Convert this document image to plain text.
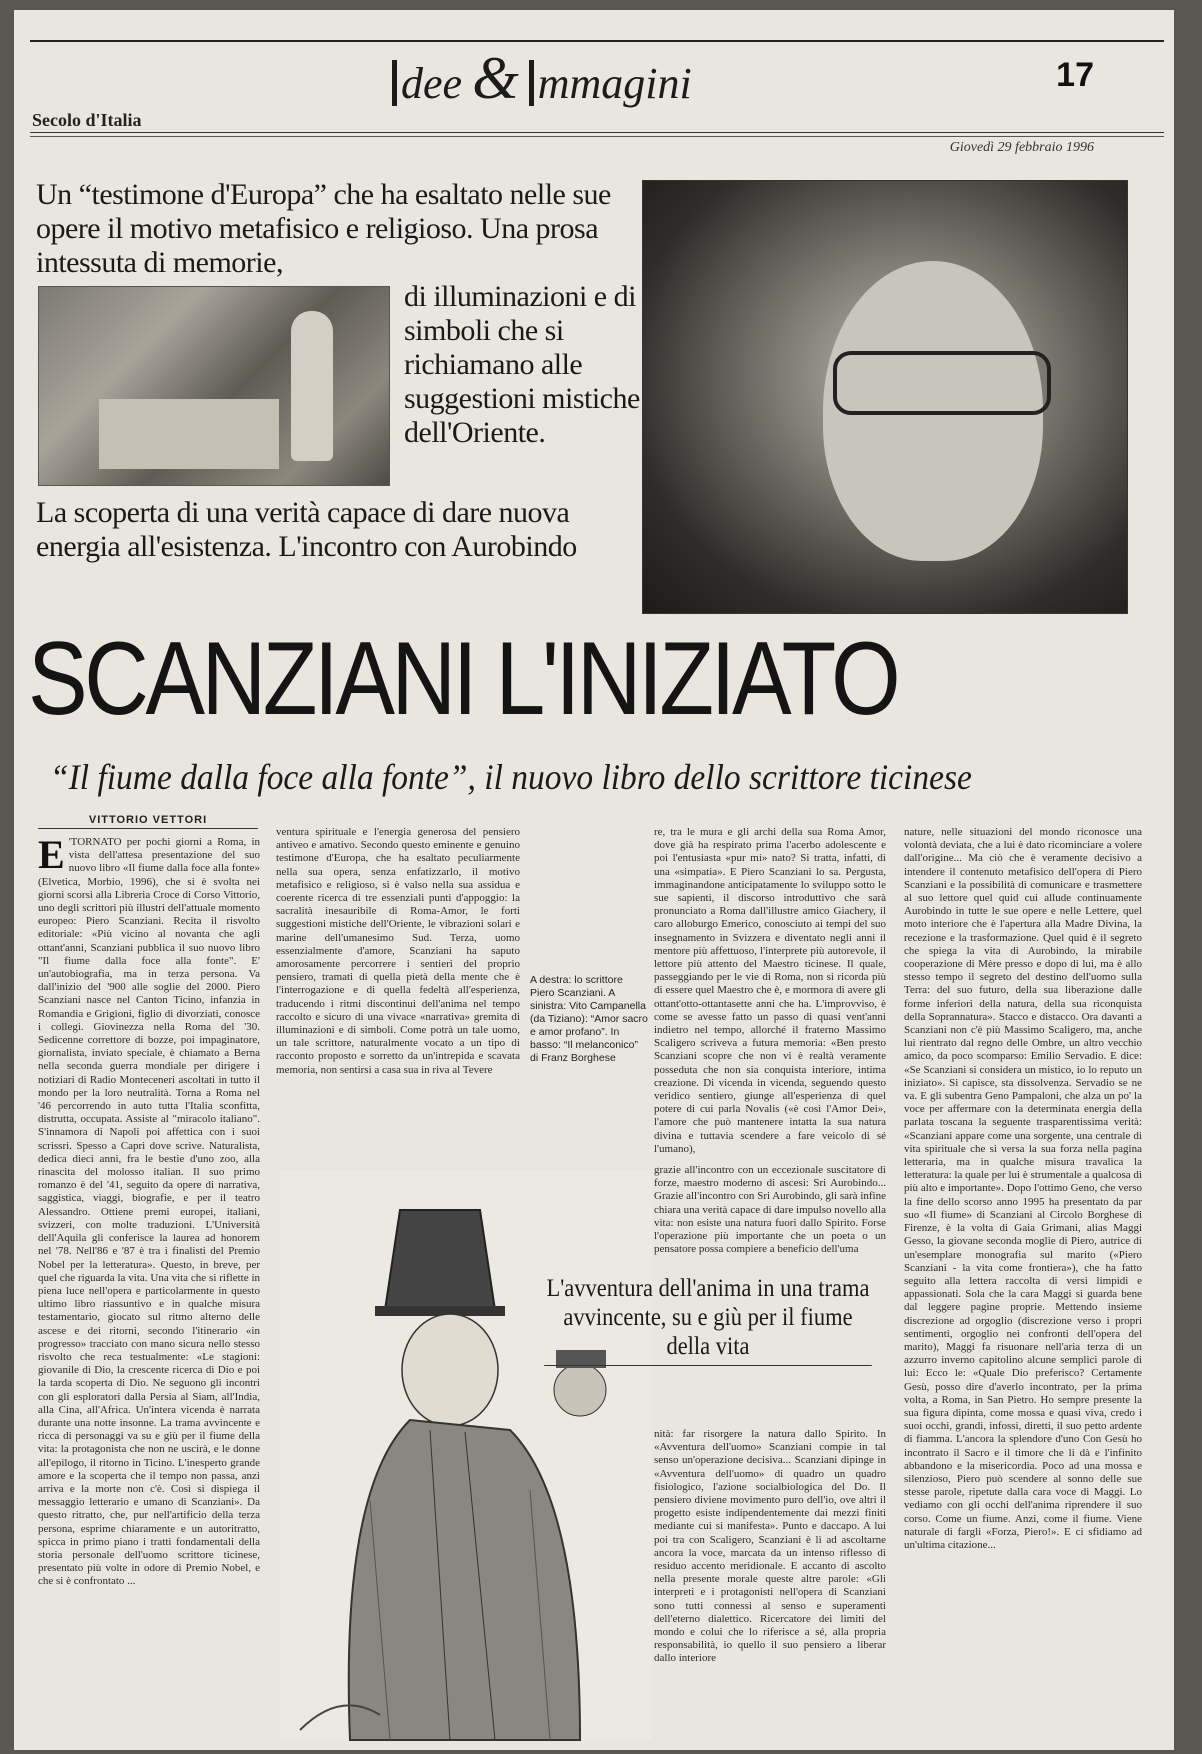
dee & mmagini	17
Secolo d'Italia
Giovedì 29 febbraio 1996
Un “testimone d'Europa” che ha esaltato nelle sue opere il motivo metafisico e religioso. Una prosa intessuta di memorie,
di illuminazioni e di simboli che si richiamano alle suggestioni mistiche dell'Oriente.
La scoperta di una verità capace di dare nuova energia all'esistenza. L'incontro con Aurobindo
SCANZIANI L'INIZIATO
“Il fiume dalla foce alla fonte”, il nuovo libro dello scrittore ticinese
VITTORIO VETTORI
E 'TORNATO per pochi giorni a Roma, in vista dell'attesa presentazione del suo nuovo libro «Il fiume dalla foce alla fonte» (Elvetica, Morbio, 1996), che si è svolta nei giorni scorsi alla Libreria Croce di Corso Vittorio, uno degli scrittori più illustri dell'attuale momento europeo: Piero Scanziani. Recita il risvolto editoriale: «Più vicino al novanta che agli ottant'anni, Scanziani pubblica il suo nuovo libro "Il fiume dalla foce alla fonte". E' un'autobiografia, ma in terza persona. Va dall'inizio del '900 alle soglie del 2000. Piero Scanziani nasce nel Canton Ticino, infanzia in Romandia e Grigioni, figlio di divorziati, conosce i collegi. Giovinezza nella Roma del '30. Sedicenne correttore di bozze, poi impaginatore, giornalista, inviato speciale, è chiamato a Berna nella seconda guerra mondiale per dirigere i notiziari di Radio Monteceneri ascoltati in tutto il mondo per la loro neutralità. Torna a Roma nel '46 percorrendo in auto tutta l'Italia sconfitta, distrutta, occupata. Assiste al "miracolo italiano". S'innamora di Napoli poi affettica con i suoi scrissri. Spesso a Capri dove scrive. Naturalista, dedica dieci anni, fra le bestie d'uno zoo, alla rinascita del molosso italian. Il suo primo romanzo è del '41, seguito da opere di narrativa, saggistica, viaggi, biografie, e per il teatro Alessandro. Ottiene premi europei, italiani, svizzeri, con molte traduzioni. L'Università dell'Aquila gli conferisce la laurea ad honorem nel '78. Nell'86 e '87 è tra i finalisti del Premio Nobel per la letteratura». Questo, in breve, per quel che riguarda la vita. Una vita che si riflette in piena luce nell'opera e particolarmente in questo ultimo libro riassuntivo e in qualche misura testamentario, giocato sul ritmo alterno delle ascese e dei ritorni, secondo l'itinerario «in progresso» tracciato con mano sicura nello stesso risvolto che reca testualmente: «Le stagioni: giovanile di Dio, la crescente ricerca di Dio e poi la tarda scoperta di Dio. Ne seguono gli incontri con gli esploratori dalla Persia al Siam, all'India, alla Cina, all'Africa. Un'intera vicenda è narrata durante una notte insonne. La trama avvincente e ricca di personaggi va su e giù per il fiume della vita: la protagonista che non ne uscirà, e le donne all'epilogo, il ritorno in Ticino. L'inesperto grande amore e la scoperta che il tempo non passa, anzi arriva e la morte non c'è. Così si dispiega il messaggio letterario e umano di Scanziani». Da questo ritratto, che, pur nell'artificio della terza persona, esprime chiaramente e un autoritratto, spicca in primo piano i tratti fondamentali della storia personale dell'uomo scrittore ticinese, presentato più volte in odore di Premio Nobel, e che si è confrontato ...
ventura spirituale e l'energia generosa del pensiero antiveo e amativo. Secondo questo eminente e genuino testimone d'Europa, che ha esaltato peculiarmente nella sua opera, senza enfatizzarlo, il motivo metafisico e religioso, si è valso nella sua assidua e coerente ricerca di tre essenziali punti d'appoggio: la sacralità inesauribile di Roma-Amor, le forti suggestioni mistiche dell'Oriente, le vibrazioni solari e marine dell'umanesimo Sud. Terza, uomo essenzialmente d'amore, Scanziani ha saputo amorosamente percorrere i sentieri del proprio pensiero, tramati di quella pietà della mente che è l'interrogazione e di quella fedeltà all'esperienza, traducendo i ritmi discontinui dell'anima nel tempo raccolto e sicuro di una vivace «narrativa» gremita di illuminazioni e di simboli. Come potrà un tale uomo, un tale scrittore, naturalmente vocato a un tipo di racconto proposto e sorretto da un'intrepida e scavata memoria, non sentirsi a casa sua in riva al Tevere
A destra: lo scrittore Piero Scanziani. A sinistra: Vito Campanella (da Tiziano): “Amor sacro e amor profano”. In basso: “Il melanconico” di Franz Borghese
re, tra le mura e gli archi della sua Roma Amor, dove già ha respirato prima l'acerbo adolescente e poi l'entusiasta «pur mi» nato? Si tratta, infatti, di una «simpatia». E Piero Scanziani lo sa. Pergusta, immaginandone anticipatamente lo sviluppo sotto le sue sapienti, il discorso introduttivo che sarà pronunciato a Roma dall'illustre amico Giachery, il caro alloburgo Emerico, conosciuto ai tempi del suo insegnamento in Svizzera e diventato negli anni il mentore più affettuoso, l'interprete più autorevole, il lettore più attento del Maestro ticinese. Il quale, passeggiando per le vie di Roma, non si ricorda più di essere quel Maestro che è, e mormora di avere gli ottant'otto-ottantasette anni che ha. L'improvviso, è come se avesse fatto un passo di quasi vent'anni indietro nel tempo, allorché il fraterno Massimo Scaligero scriveva a futura memoria: «Ben presto Scanziani scopre che non vi è realtà veramente posseduta che non sia conquista interiore, intima creazione. Di vicenda in vicenda, seguendo questo veridico sentiero, giunge all'esperienza di quel potere di cui parla Novalis («è così l'Amor Dei», l'amore che può mantenere intatta la sua natura divina e tuttavia scendere a fare veicolo di sé l'umano),
grazie all'incontro con un eccezionale suscitatore di forze, maestro moderno di ascesi: Sri Aurobindo... Grazie all'incontro con Sri Aurobindo, gli sarà infine chiara una verità capace di dare impulso novello alla vita: non esiste una natura fuori dallo Spirito. Forse l'operazione più importante che un poeta o un pensatore possa compiere a beneficio dell'uma
nature, nelle situazioni del mondo riconosce una volontà deviata, che a lui è dato ricominciare a volere dall'origine... Ma ciò che è veramente decisivo a intendere il contenuto metafisico dell'opera di Piero Scanziani e la possibilità di comunicare e trasmettere al suo lettore quel quid cui allude continuamente Aurobindo in tutte le sue opere e nelle Lettere, quel moto interiore che è l'apertura alla Madre Divina, la recezione e la trasformazione. Quel quid è il segreto che spiega la vita di Aurobindo, la mirabile cooperazione di Mère presso e dopo di lui, ma è allo stesso tempo il segreto del destino dell'uomo sulla Terra: del suo futuro, della sua liberazione dalle forme inferiori della natura, della sua riconquista della Soprannatura». Stacco e distacco. Ora davanti a Scanziani non c'è più Massimo Scaligero, ma, anche lui rientrato dal regno delle Ombre, un altro vecchio amico, da poco scomparso: Emilio Servadio. E dice: «Se Scanziani si considera un mistico, io lo reputo un iniziato». Si capisce, sta dissolvenza. Servadio se ne va. E gli subentra Geno Pampaloni, che alza un po' la voce per affermare con la determinata energia della parlata toscana la seguente trasparentissima verità: «Scanziani appare come una sorgente, una centrale di vita spirituale che si versa la sua forza nella pagina letteraria, ma in qualche misura travalica la letteratura: la quale per lui è strumentale a qualcosa di più alto e importante». Dopo l'ottimo Geno, che verso la fine dello scorso anno 1995 ha presentato da par suo «Il fiume» di Scanziani al Circolo Borghese di Firenze, è la volta di Gaia Grimani, alias Maggi Gesso, la giovane seconda moglie di Piero, autrice di un'esemplare monografia sul marito («Piero Scanziani - la vita come frontiera»), che ha fatto seguito alla lettera raccolta di versi limpidi e appassionati. Sola che la cara Maggi si guarda bene dal leggere pagine proprie. Mettendo insieme discrezione ad orgoglio (discrezione verso i propri sentimenti, orgoglio nei confronti dell'opera del marito), Maggi fa risuonare nell'aria terza di un azzurro inverno capitolino alcune semplici parole di lui: Ecco le: «Quale Dio preferisco? Certamente Gesù, posso dire d'averlo incontrato, per la prima volta, a Roma, in San Pietro. Ho sempre presente la sua figura dipinta, come mossa e quasi viva, credo i suoi occhi, grandi, infossi, diretti, il suo petto ardente di fiamma. L'ancora la splendore d'uno Con Gesù ho incontrato il Sacro e il timore che li dà e l'infinito abbandono e la misericordia. Poco ad una mossa e silenzioso, Piero può scendere al sonno delle sue stesse parole, ripetute dalla cara voce di Maggi. Lo vediamo con gli occhi dell'anima riprendere il suo corso. Come un fiume. Anzi, come il fiume. Viene naturale di fargli «Forza, Piero!». E ci sfidiamo ad un'ultima citazione...
L'avventura dell'anima in una trama avvincente, su e giù per il fiume della vita
nità: far risorgere la natura dallo Spirito. In «Avventura dell'uomo» Scanziani compie in tal senso un'operazione decisiva... Scanziani dipinge in «Avventura dell'uomo» di quadro un quadro fisiologico, l'azione socialbiologica del Do. Il pensiero diviene movimento puro dell'io, ove altri il progetto esiste indipendentemente dai mezzi finiti mediante cui si manifesta». Punto e daccapo. A lui poi tra con Scaligero, Scanziani è lì ad ascoltarne ancora la voce, marcata da un intenso riflesso di residuo accento meridionale. E accanto di ascolto nella presente morale queste altre parole: «Gli interpreti e i protagonisti nell'opera di Scanziani sono tutti connessi al senso e superamenti dell'eterno dialettico. Ricercatore dei limiti del mondo e colui che lo riferisce a sé, alla propria responsabilità, io quello il suo pensiero a liberar dallo interiore
